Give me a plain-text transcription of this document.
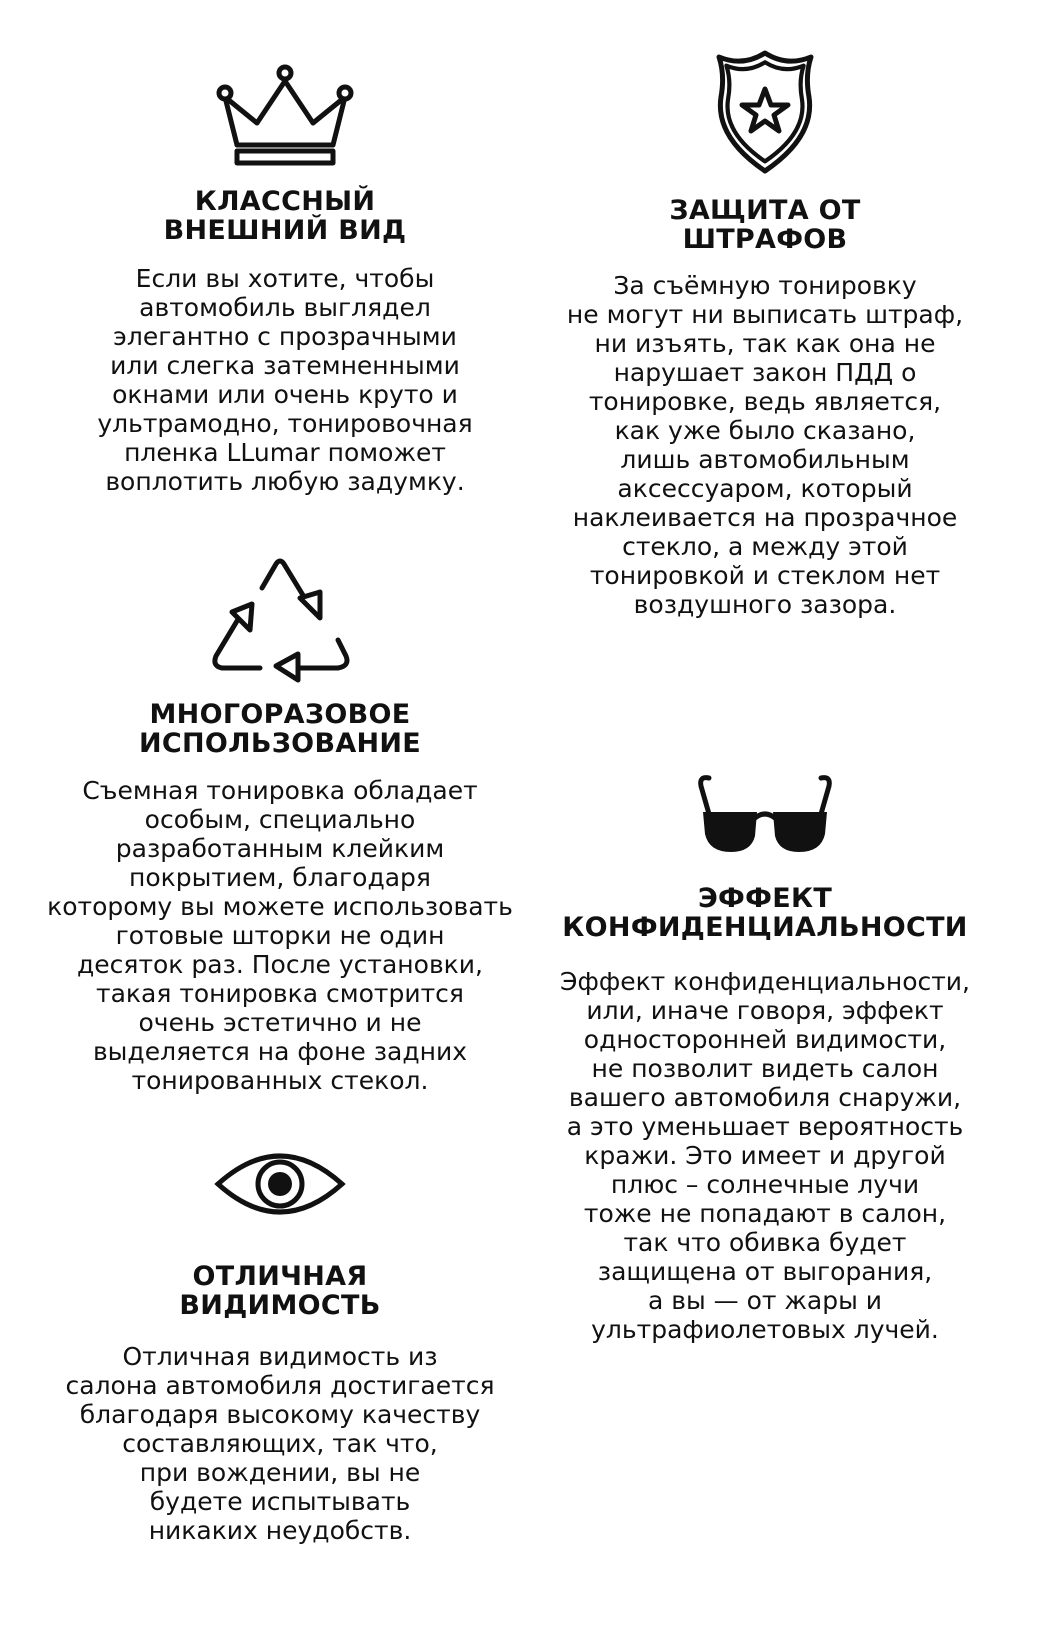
КЛАССНЫЙ
ВНЕШНИЙ ВИД
Если вы хотите, чтобы
автомобиль выглядел
элегантно с прозрачными
или слегка затемненными
окнами или очень круто и
ультрамодно, тонировочная
пленка LLumar поможет
воплотить любую задумку.
ЗАЩИТА ОТ
ШТРАФОВ
За съёмную тонировку
не могут ни выписать штраф,
ни изъять, так как она не
нарушает закон ПДД о
тонировке, ведь является,
как уже было сказано,
лишь автомобильным
аксессуаром, который
наклеивается на прозрачное
стекло, а между этой
тонировкой и стеклом нет
воздушного зазора.
МНОГОРАЗОВОЕ
ИСПОЛЬЗОВАНИЕ
Съемная тонировка обладает
особым, специально
разработанным клейким
покрытием, благодаря
которому вы можете использовать
готовые шторки не один
десяток раз. После установки,
такая тонировка смотрится
очень эстетично и не
выделяется на фоне задних
тонированных стекол.
ЭФФЕКТ
КОНФИДЕНЦИАЛЬНОСТИ
Эффект конфиденциальности,
или, иначе говоря, эффект
односторонней видимости,
не позволит видеть салон
вашего автомобиля снаружи,
а это уменьшает вероятность
кражи. Это имеет и другой
плюс – солнечные лучи
тоже не попадают в салон,
так что обивка будет
защищена от выгорания,
а вы — от жары и
ультрафиолетовых лучей.
ОТЛИЧНАЯ
ВИДИМОСТЬ
Отличная видимость из
салона автомобиля достигается
благодаря высокому качеству
составляющих, так что,
при вождении, вы не
будете испытывать
никаких неудобств.
